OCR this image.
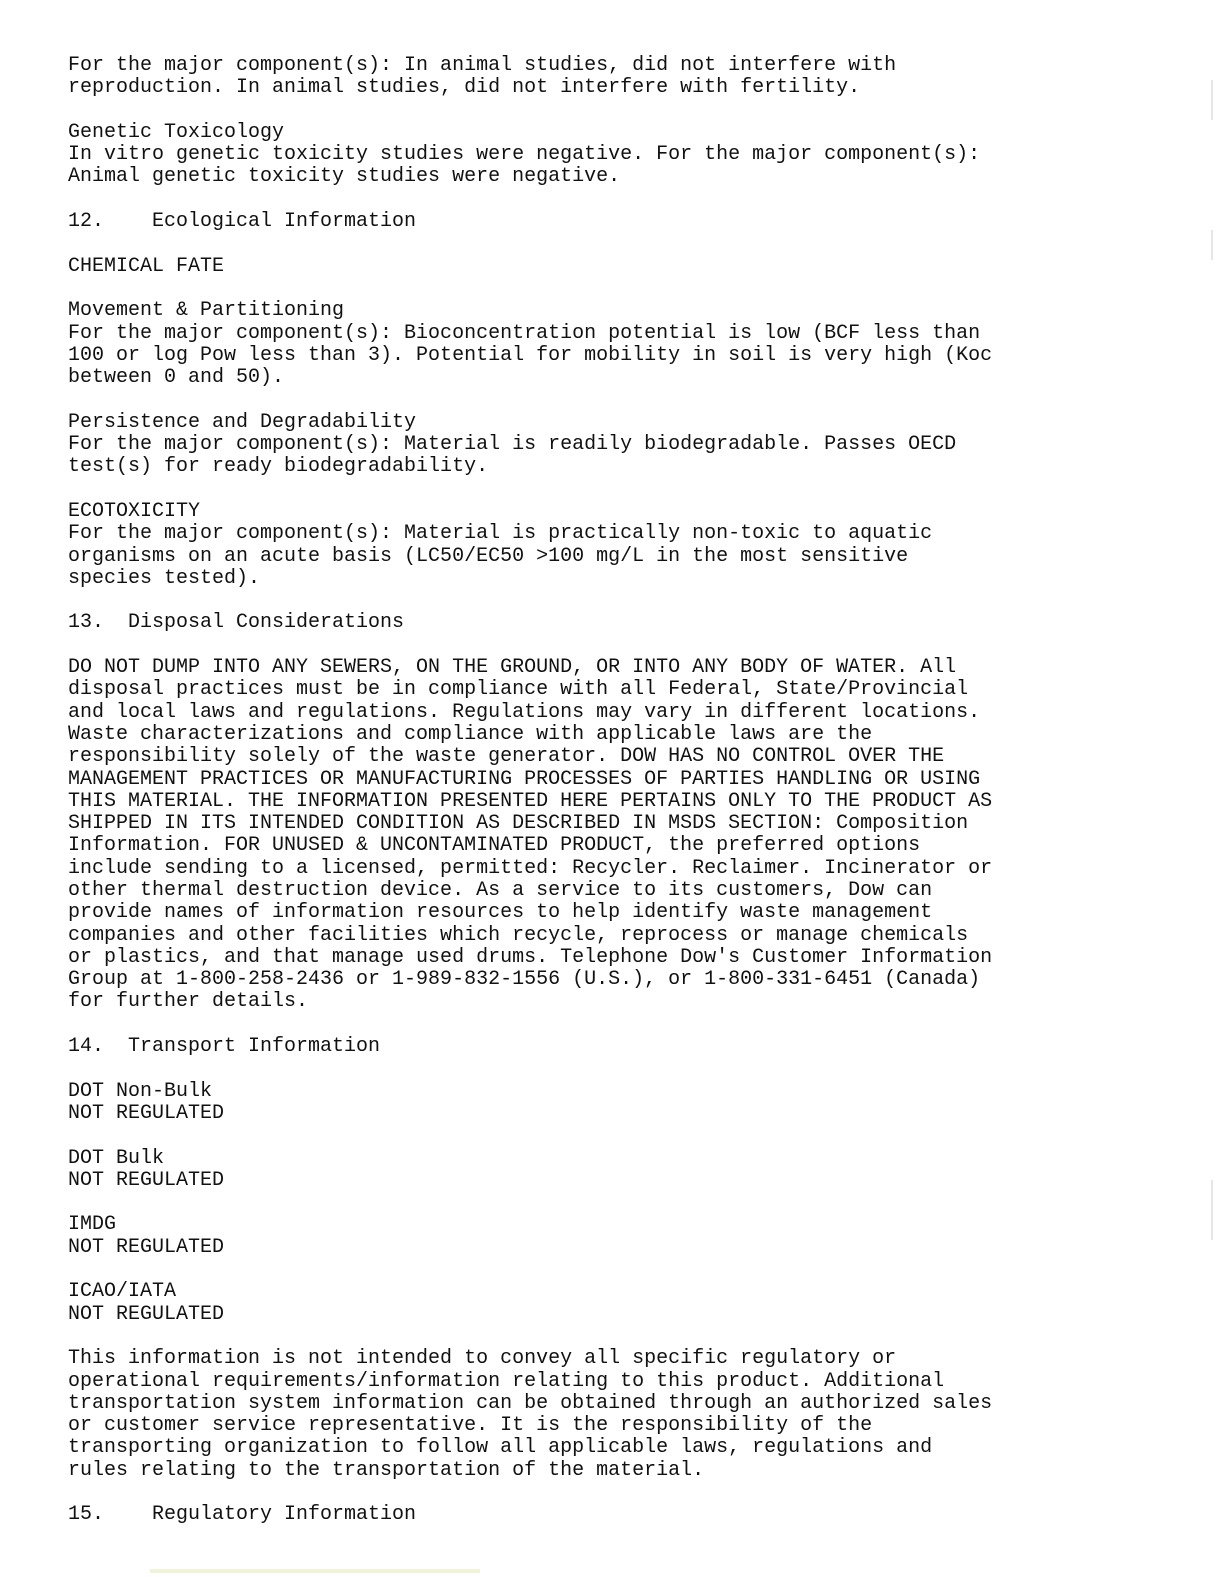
For the major component(s): In animal studies, did not interfere with
reproduction. In animal studies, did not interfere with fertility.
Genetic Toxicology
In vitro genetic toxicity studies were negative. For the major component(s):
Animal genetic toxicity studies were negative.
12.    Ecological Information
CHEMICAL FATE
Movement & Partitioning
For the major component(s): Bioconcentration potential is low (BCF less than
100 or log Pow less than 3). Potential for mobility in soil is very high (Koc
between 0 and 50).
Persistence and Degradability
For the major component(s): Material is readily biodegradable. Passes OECD
test(s) for ready biodegradability.
ECOTOXICITY
For the major component(s): Material is practically non-toxic to aquatic
organisms on an acute basis (LC50/EC50 >100 mg/L in the most sensitive
species tested).
13.  Disposal Considerations
DO NOT DUMP INTO ANY SEWERS, ON THE GROUND, OR INTO ANY BODY OF WATER. All
disposal practices must be in compliance with all Federal, State/Provincial
and local laws and regulations. Regulations may vary in different locations.
Waste characterizations and compliance with applicable laws are the
responsibility solely of the waste generator. DOW HAS NO CONTROL OVER THE
MANAGEMENT PRACTICES OR MANUFACTURING PROCESSES OF PARTIES HANDLING OR USING
THIS MATERIAL. THE INFORMATION PRESENTED HERE PERTAINS ONLY TO THE PRODUCT AS
SHIPPED IN ITS INTENDED CONDITION AS DESCRIBED IN MSDS SECTION: Composition
Information. FOR UNUSED & UNCONTAMINATED PRODUCT, the preferred options
include sending to a licensed, permitted: Recycler. Reclaimer. Incinerator or
other thermal destruction device. As a service to its customers, Dow can
provide names of information resources to help identify waste management
companies and other facilities which recycle, reprocess or manage chemicals
or plastics, and that manage used drums. Telephone Dow's Customer Information
Group at 1-800-258-2436 or 1-989-832-1556 (U.S.), or 1-800-331-6451 (Canada)
for further details.
14.  Transport Information
DOT Non-Bulk
NOT REGULATED
DOT Bulk
NOT REGULATED
IMDG
NOT REGULATED
ICAO/IATA
NOT REGULATED
This information is not intended to convey all specific regulatory or
operational requirements/information relating to this product. Additional
transportation system information can be obtained through an authorized sales
or customer service representative. It is the responsibility of the
transporting organization to follow all applicable laws, regulations and
rules relating to the transportation of the material.
15.    Regulatory Information
